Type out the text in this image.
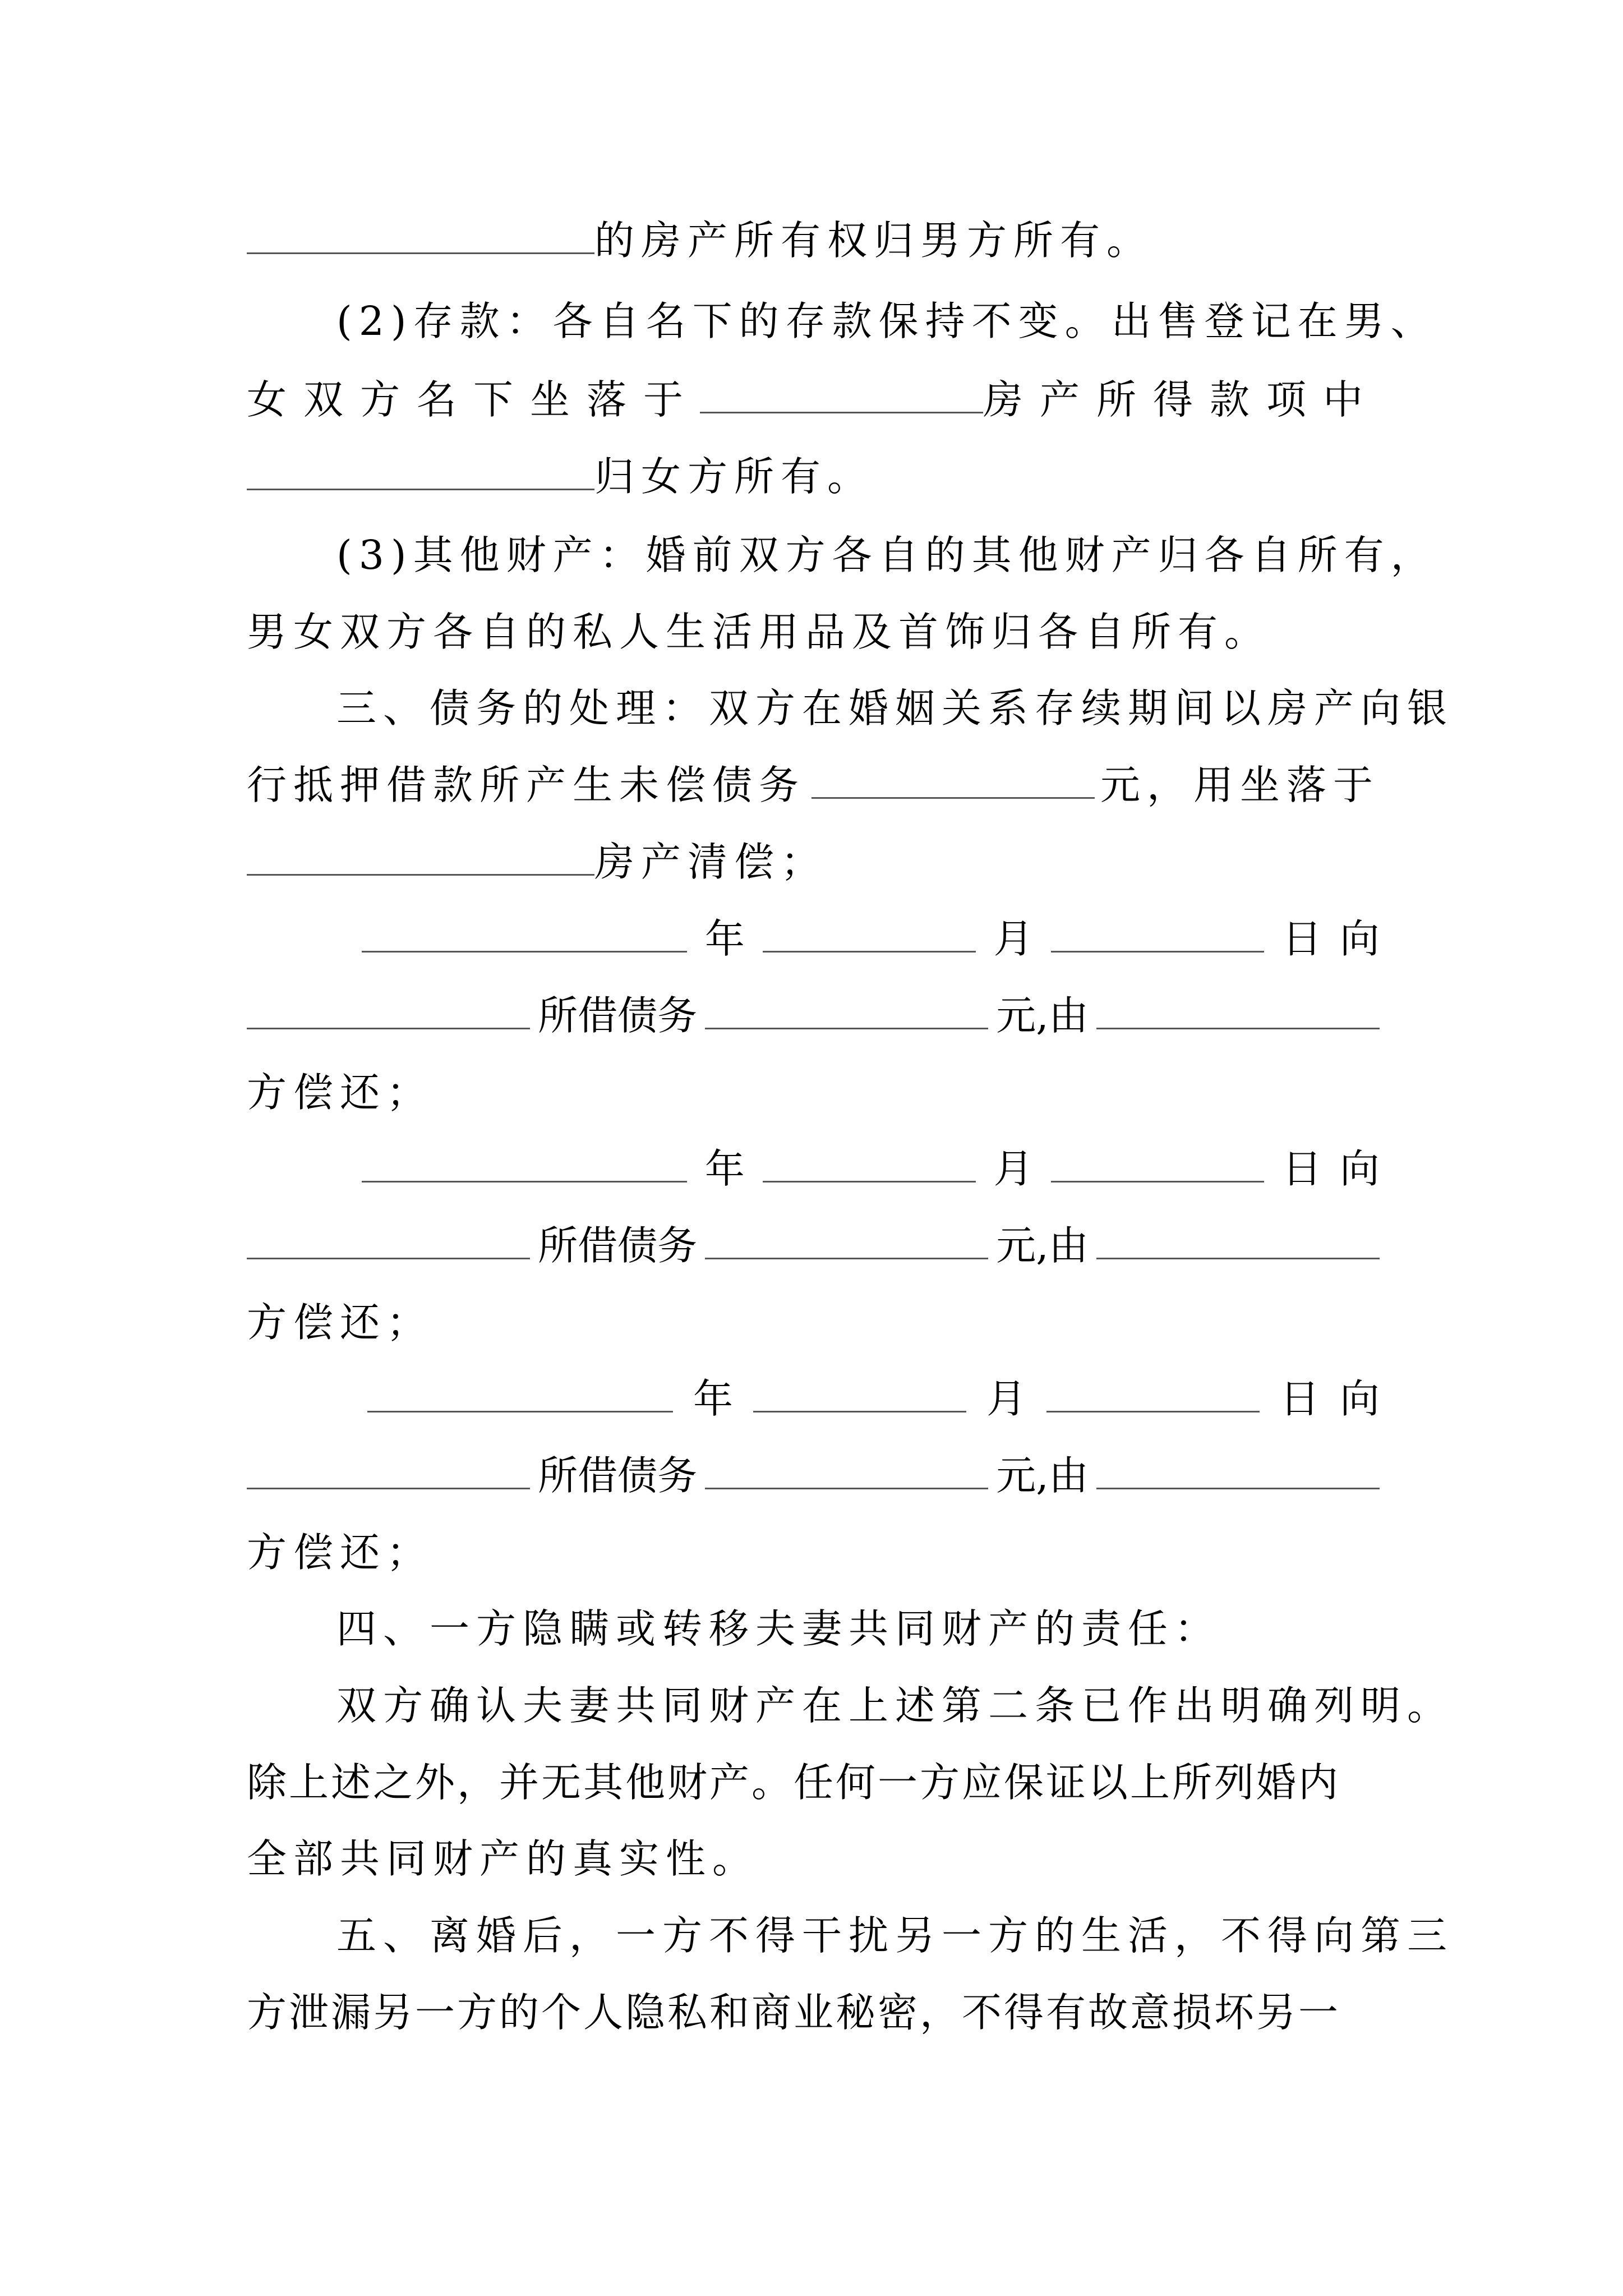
的房产所有权归男方所有。
(2)存款：各自名下的存款保持不变。出售登记在男、
女双方名下坐落于	房产所得款项中
归女方所有。
(3)其他财产：婚前双方各自的其他财产归各自所有，
男女双方各自的私人生活用品及首饰归各自所有。
三、债务的处理：双方在婚姻关系存续期间以房产向银
行抵押借款所产生未偿债务	元，用坐落于
房产清偿；
年	月	日 向
所借债务	元,由
方偿还；
年	月	日 向
所借债务	元,由
方偿还；
年	月	日 向
所借债务	元,由
方偿还；
四、一方隐瞒或转移夫妻共同财产的责任：
双方确认夫妻共同财产在上述第二条已作出明确列明。
除上述之外，并无其他财产。任何一方应保证以上所列婚内
全部共同财产的真实性。
五、离婚后，一方不得干扰另一方的生活，不得向第三
方泄漏另一方的个人隐私和商业秘密，不得有故意损坏另一
